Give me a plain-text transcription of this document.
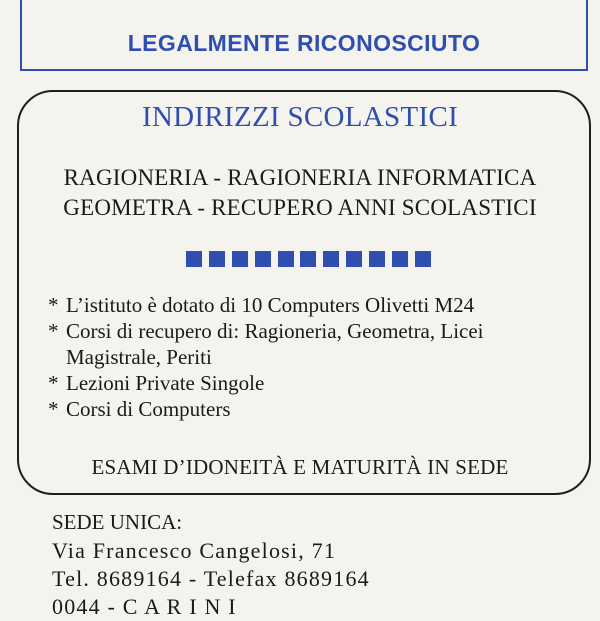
LEGALMENTE RICONOSCIUTO
INDIRIZZI SCOLASTICI
RAGIONERIA - RAGIONERIA INFORMATICA
GEOMETRA - RECUPERO ANNI SCOLASTICI
* L’istituto è dotato di 10 Computers Olivetti M24
* Corsi di recupero di: Ragioneria, Geometra, Licei
Magistrale, Periti
* Lezioni Private Singole
* Corsi di Computers
ESAMI D’IDONEITÀ E MATURITÀ IN SEDE
SEDE UNICA:
Via Francesco Cangelosi, 71
Tel. 8689164 - Telefax 8689164
0044 - C A R I N I
